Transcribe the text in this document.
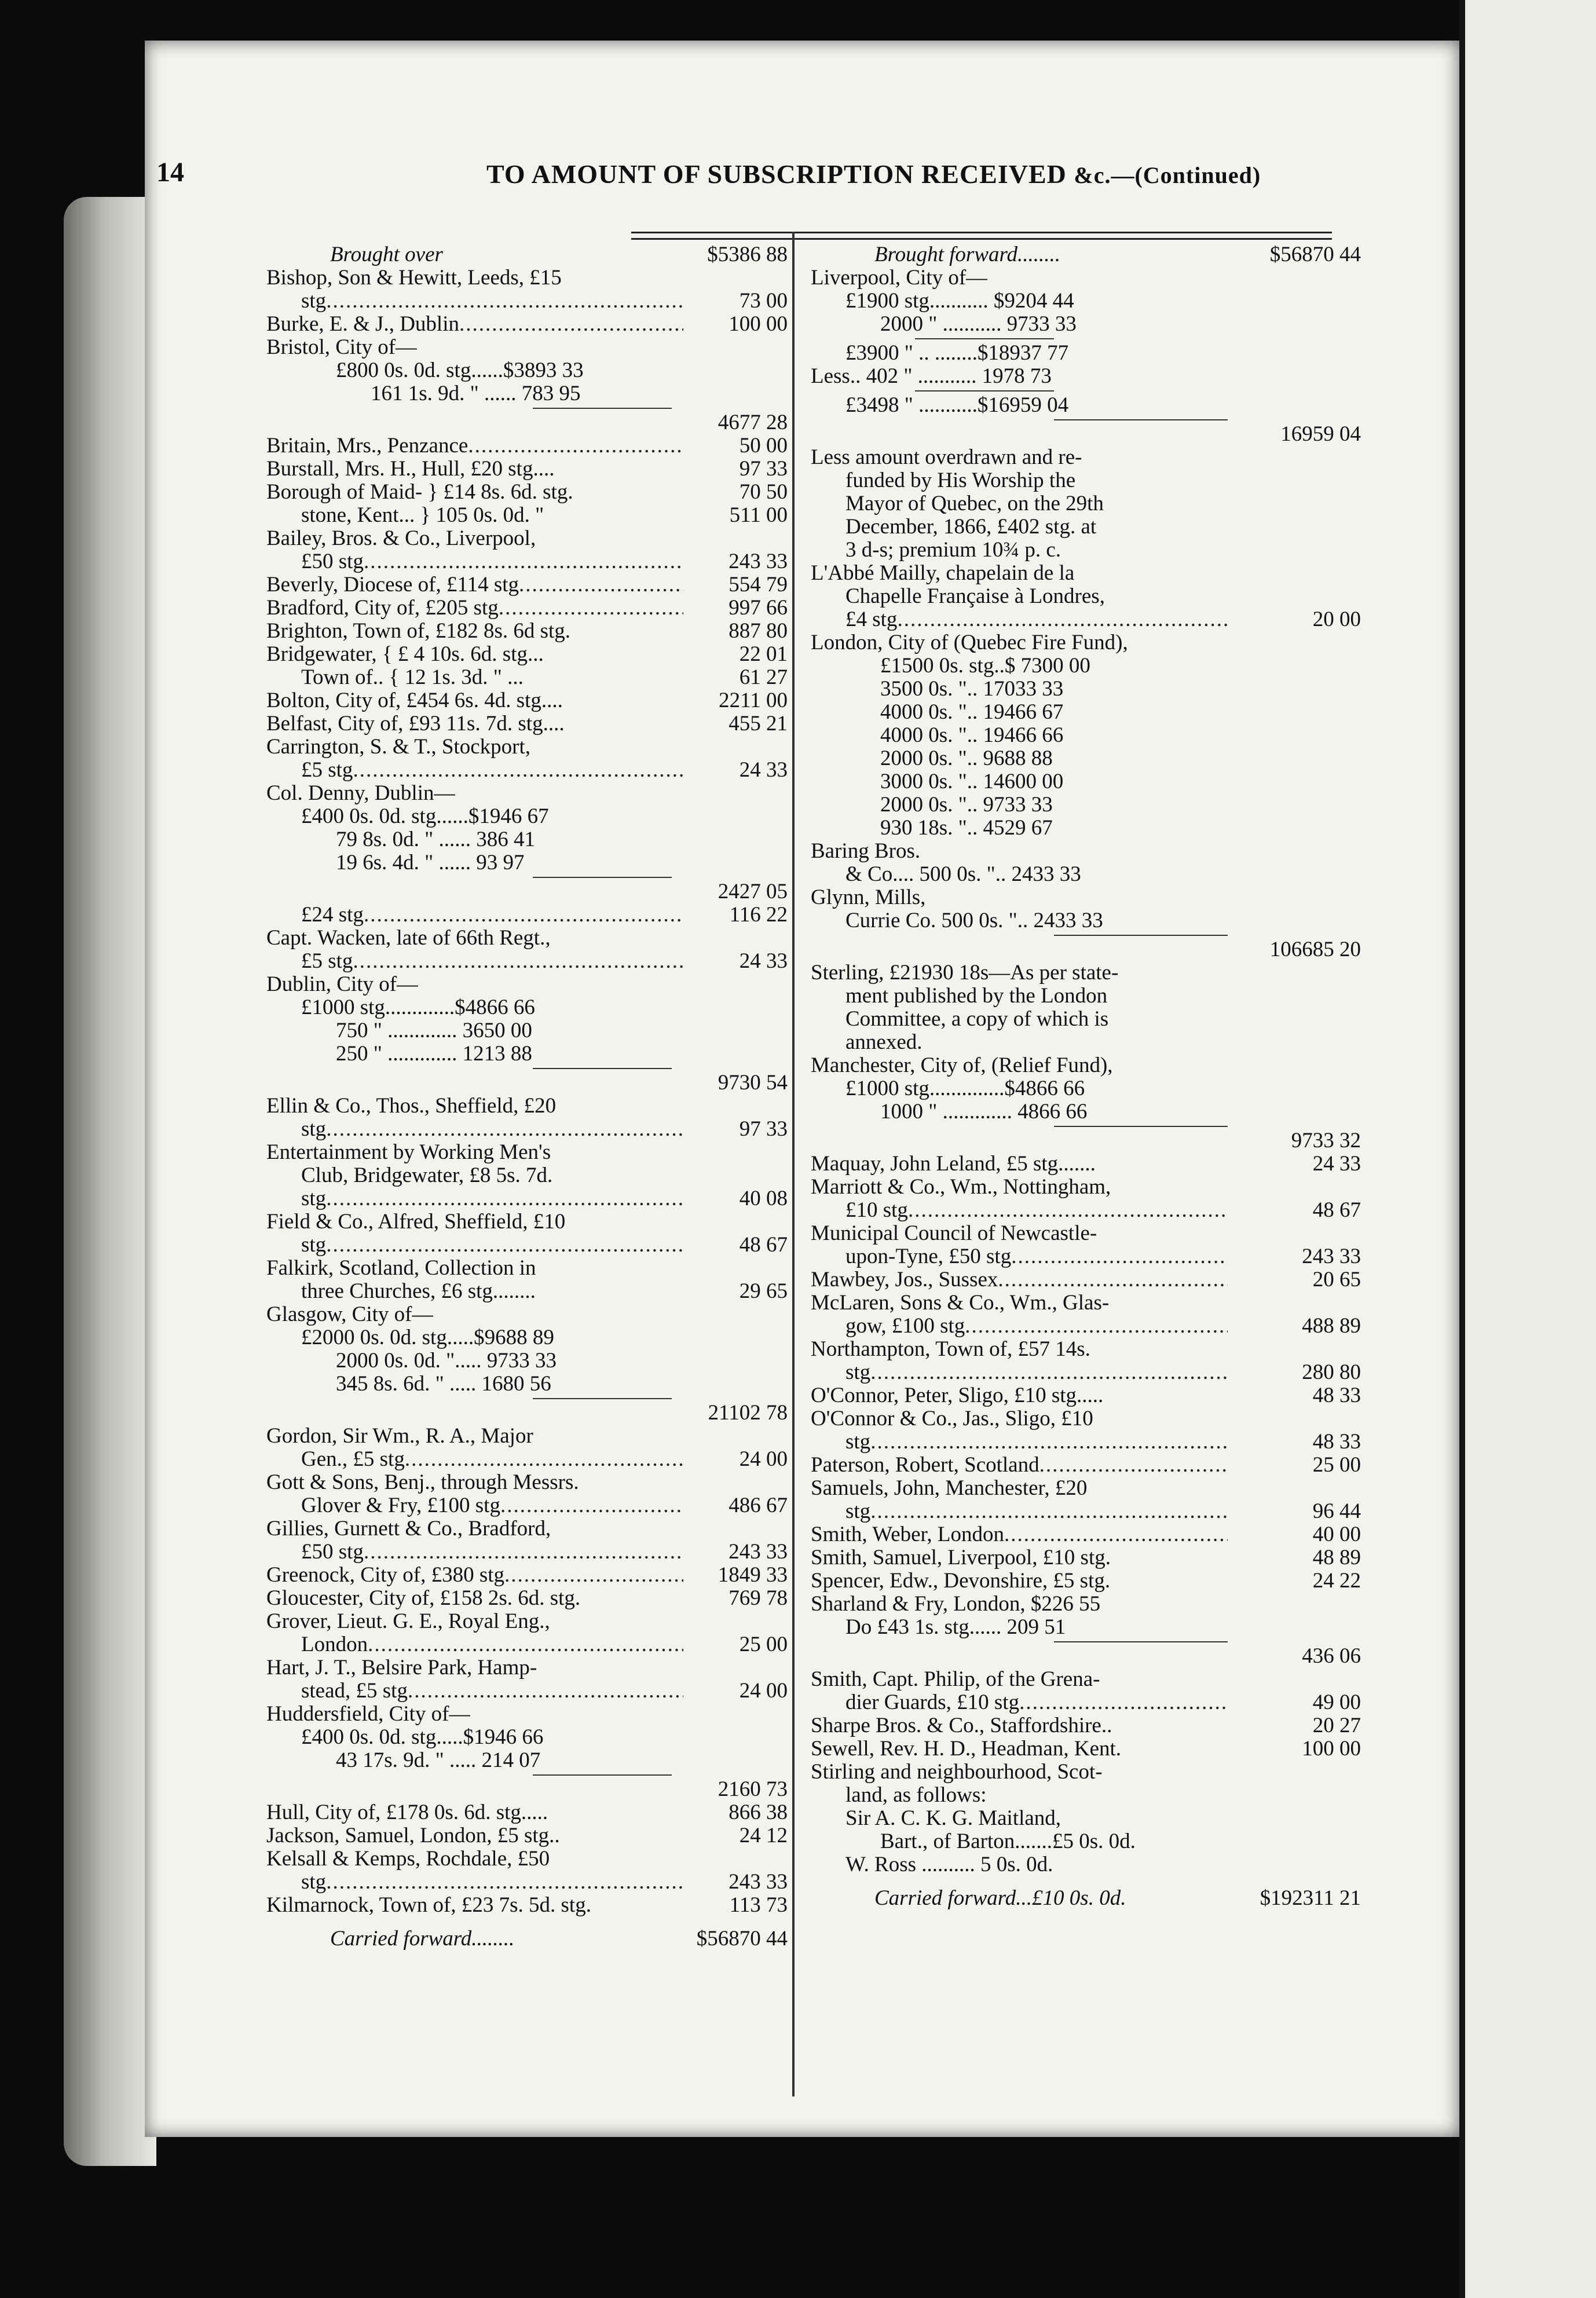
14	TO AMOUNT OF SUBSCRIPTION RECEIVED &c.—(Continued)
Brought over	$5386 88
Bishop, Son & Hewitt, Leeds, £15
stg .....	73 00
Burke, E. & J., Dublin .....	100 00
Bristol, City of—
£800 0s. 0d. stg......$3893 33
161 1s. 9d. " ...... 783 95
4677 28
Britain, Mrs., Penzance .....	50 00
Burstall, Mrs. H., Hull, £20 stg....	97 33
Borough of Maid- } £14 8s. 6d. stg.	70 50
stone, Kent... } 105 0s. 0d. "	511 00
Bailey, Bros. & Co., Liverpool,
£50 stg .....	243 33
Beverly, Diocese of, £114 stg .....	554 79
Bradford, City of, £205 stg .....	997 66
Brighton, Town of, £182 8s. 6d stg.	887 80
Bridgewater, { £ 4 10s. 6d. stg...	22 01
Town of.. { 12 1s. 3d. " ...	61 27
Bolton, City of, £454 6s. 4d. stg....	2211 00
Belfast, City of, £93 11s. 7d. stg....	455 21
Carrington, S. & T., Stockport,
£5 stg .....	24 33
Col. Denny, Dublin—
£400 0s. 0d. stg......$1946 67
79 8s. 0d. " ...... 386 41
19 6s. 4d. " ...... 93 97
2427 05
£24 stg .....	116 22
Capt. Wacken, late of 66th Regt.,
£5 stg .....	24 33
Dublin, City of—
£1000 stg.............$4866 66
750 " ............. 3650 00
250 " ............. 1213 88
9730 54
Ellin & Co., Thos., Sheffield, £20
stg .....	97 33
Entertainment by Working Men's
Club, Bridgewater, £8 5s. 7d.
stg .....	40 08
Field & Co., Alfred, Sheffield, £10
stg .....	48 67
Falkirk, Scotland, Collection in
three Churches, £6 stg........	29 65
Glasgow, City of—
£2000 0s. 0d. stg.....$9688 89
2000 0s. 0d. "..... 9733 33
345 8s. 6d. " ..... 1680 56
21102 78
Gordon, Sir Wm., R. A., Major
Gen., £5 stg .....	24 00
Gott & Sons, Benj., through Messrs.
Glover & Fry, £100 stg .....	486 67
Gillies, Gurnett & Co., Bradford,
£50 stg .....	243 33
Greenock, City of, £380 stg .....	1849 33
Gloucester, City of, £158 2s. 6d. stg.	769 78
Grover, Lieut. G. E., Royal Eng.,
London .....	25 00
Hart, J. T., Belsire Park, Hamp-
stead, £5 stg .....	24 00
Huddersfield, City of—
£400 0s. 0d. stg.....$1946 66
43 17s. 9d. " ..... 214 07
2160 73
Hull, City of, £178 0s. 6d. stg.....	866 38
Jackson, Samuel, London, £5 stg..	24 12
Kelsall & Kemps, Rochdale, £50
stg .....	243 33
Kilmarnock, Town of, £23 7s. 5d. stg.	113 73
Carried forward........	$56870 44
Brought forward........	$56870 44
Liverpool, City of—
£1900 stg........... $9204 44
2000 " ........... 9733 33
£3900 " .. ........$18937 77
Less.. 402 " ........... 1978 73
£3498 " ...........$16959 04
16959 04
Less amount overdrawn and re-
funded by His Worship the
Mayor of Quebec, on the 29th
December, 1866, £402 stg. at
3 d-s; premium 10¾ p. c.
L'Abbé Mailly, chapelain de la
Chapelle Française à Londres,
£4 stg .....	20 00
London, City of (Quebec Fire Fund),
£1500 0s. stg..$ 7300 00
3500 0s. ".. 17033 33
4000 0s. ".. 19466 67
4000 0s. ".. 19466 66
2000 0s. ".. 9688 88
3000 0s. ".. 14600 00
2000 0s. ".. 9733 33
930 18s. ".. 4529 67
Baring Bros.
& Co.... 500 0s. ".. 2433 33
Glynn, Mills,
Currie Co. 500 0s. ".. 2433 33
106685 20
Sterling, £21930 18s—As per state-
ment published by the London
Committee, a copy of which is
annexed.
Manchester, City of, (Relief Fund),
£1000 stg..............$4866 66
1000 " ............. 4866 66
9733 32
Maquay, John Leland, £5 stg.......	24 33
Marriott & Co., Wm., Nottingham,
£10 stg .....	48 67
Municipal Council of Newcastle-
upon-Tyne, £50 stg .....	243 33
Mawbey, Jos., Sussex .....	20 65
McLaren, Sons & Co., Wm., Glas-
gow, £100 stg .....	488 89
Northampton, Town of, £57 14s.
stg .....	280 80
O'Connor, Peter, Sligo, £10 stg.....	48 33
O'Connor & Co., Jas., Sligo, £10
stg .....	48 33
Paterson, Robert, Scotland .....	25 00
Samuels, John, Manchester, £20
stg .....	96 44
Smith, Weber, London .....	40 00
Smith, Samuel, Liverpool, £10 stg.	48 89
Spencer, Edw., Devonshire, £5 stg.	24 22
Sharland & Fry, London, $226 55
Do £43 1s. stg...... 209 51
436 06
Smith, Capt. Philip, of the Grena-
dier Guards, £10 stg .....	49 00
Sharpe Bros. & Co., Staffordshire..	20 27
Sewell, Rev. H. D., Headman, Kent.	100 00
Stirling and neighbourhood, Scot-
land, as follows:
Sir A. C. K. G. Maitland,
Bart., of Barton.......£5 0s. 0d.
W. Ross .......... 5 0s. 0d.
Carried forward...£10 0s. 0d.	$192311 21
